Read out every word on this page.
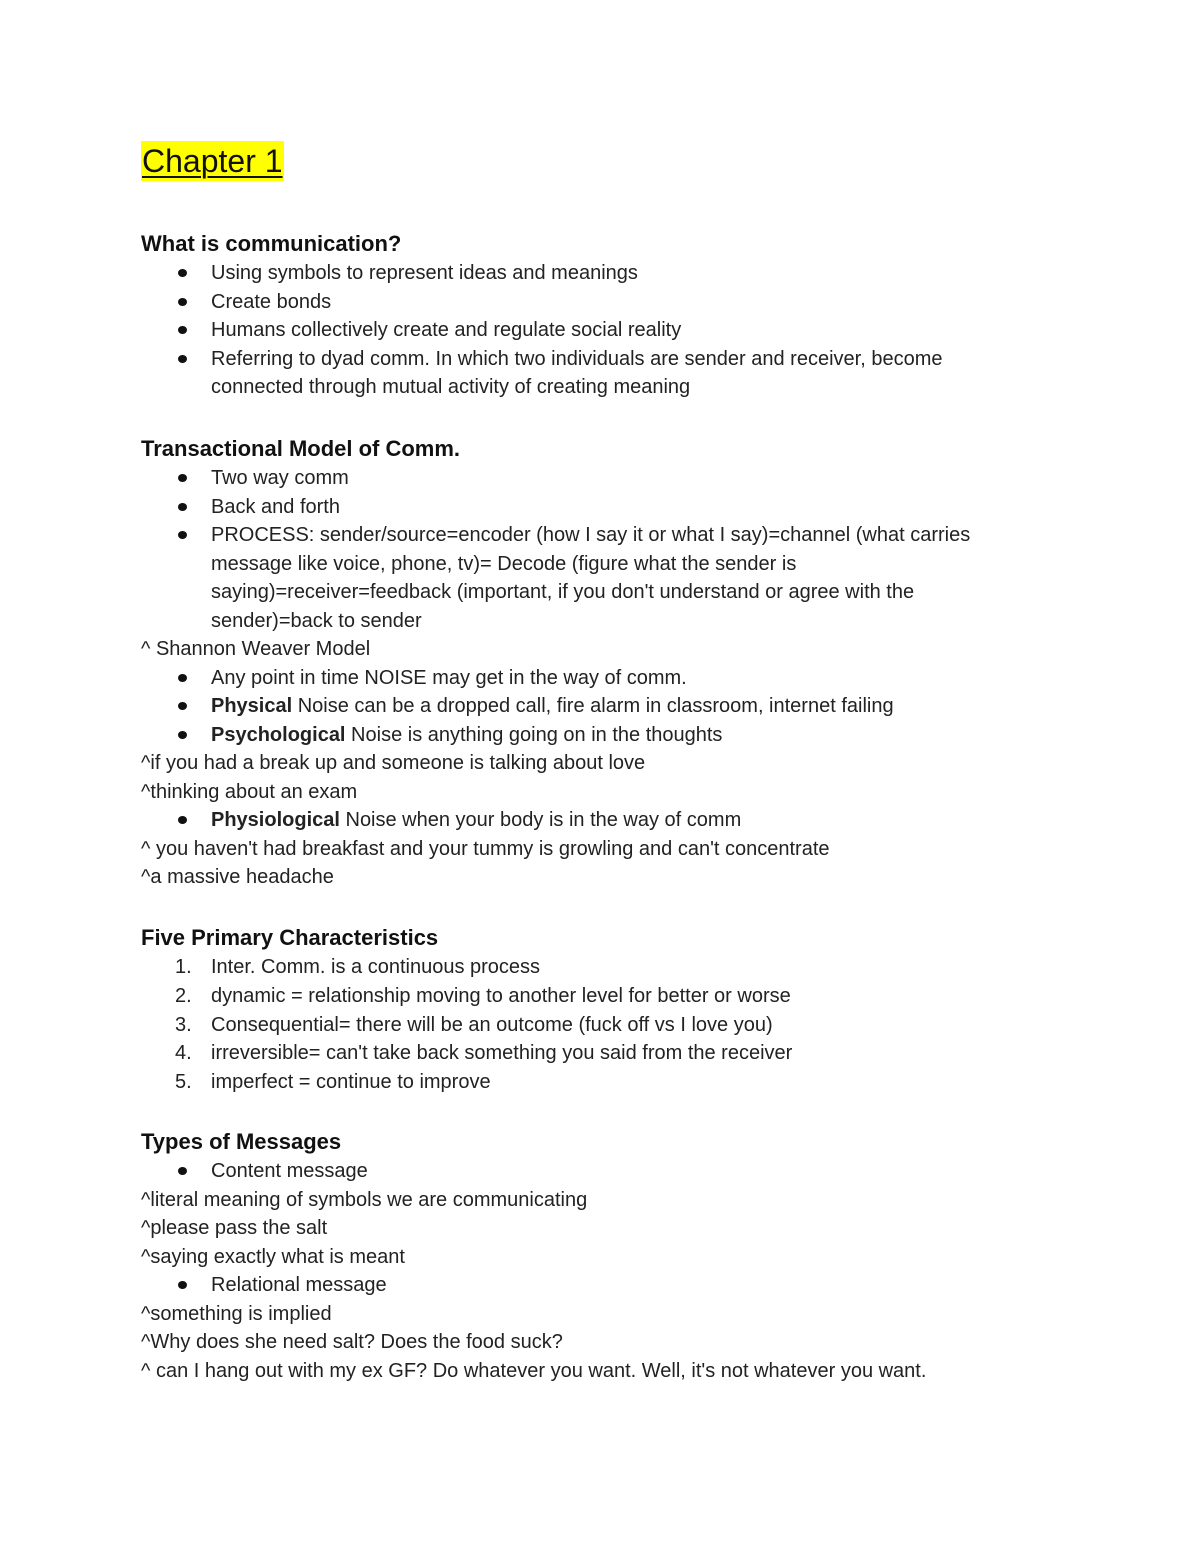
Chapter 1

What is communication?

Using symbols to represent ideas and meanings
Create bonds
Humans collectively create and regulate social reality
Referring to dyad comm. In which two individuals are sender and receiver, become
connected through mutual activity of creating meaning

Transactional Model of Comm.

Two way comm
Back and forth
PROCESS: sender/source=encoder (how I say it or what I say)=channel (what carries
message like voice, phone, tv)= Decode (figure what the sender is
saying)=receiver=feedback (important, if you don't understand or agree with the
sender)=back to sender

^ Shannon Weaver Model

Any point in time NOISE may get in the way of comm.
Physical Noise can be a dropped call, fire alarm in classroom, internet failing
Psychological Noise is anything going on in the thoughts

^if you had a break up and someone is talking about love

^thinking about an exam

Physiological Noise when your body is in the way of comm

^ you haven't had breakfast and your tummy is growling and can't concentrate

^a massive headache

Five Primary Characteristics

1. Inter. Comm. is a continuous process
2. dynamic = relationship moving to another level for better or worse
3. Consequential= there will be an outcome (fuck off vs I love you)
4. irreversible= can't take back something you said from the receiver
5. imperfect = continue to improve

Types of Messages

Content message

^literal meaning of symbols we are communicating

^please pass the salt

^saying exactly what is meant

Relational message

^something is implied

^Why does she need salt? Does the food suck?

^ can I hang out with my ex GF? Do whatever you want. Well, it's not whatever you want.
